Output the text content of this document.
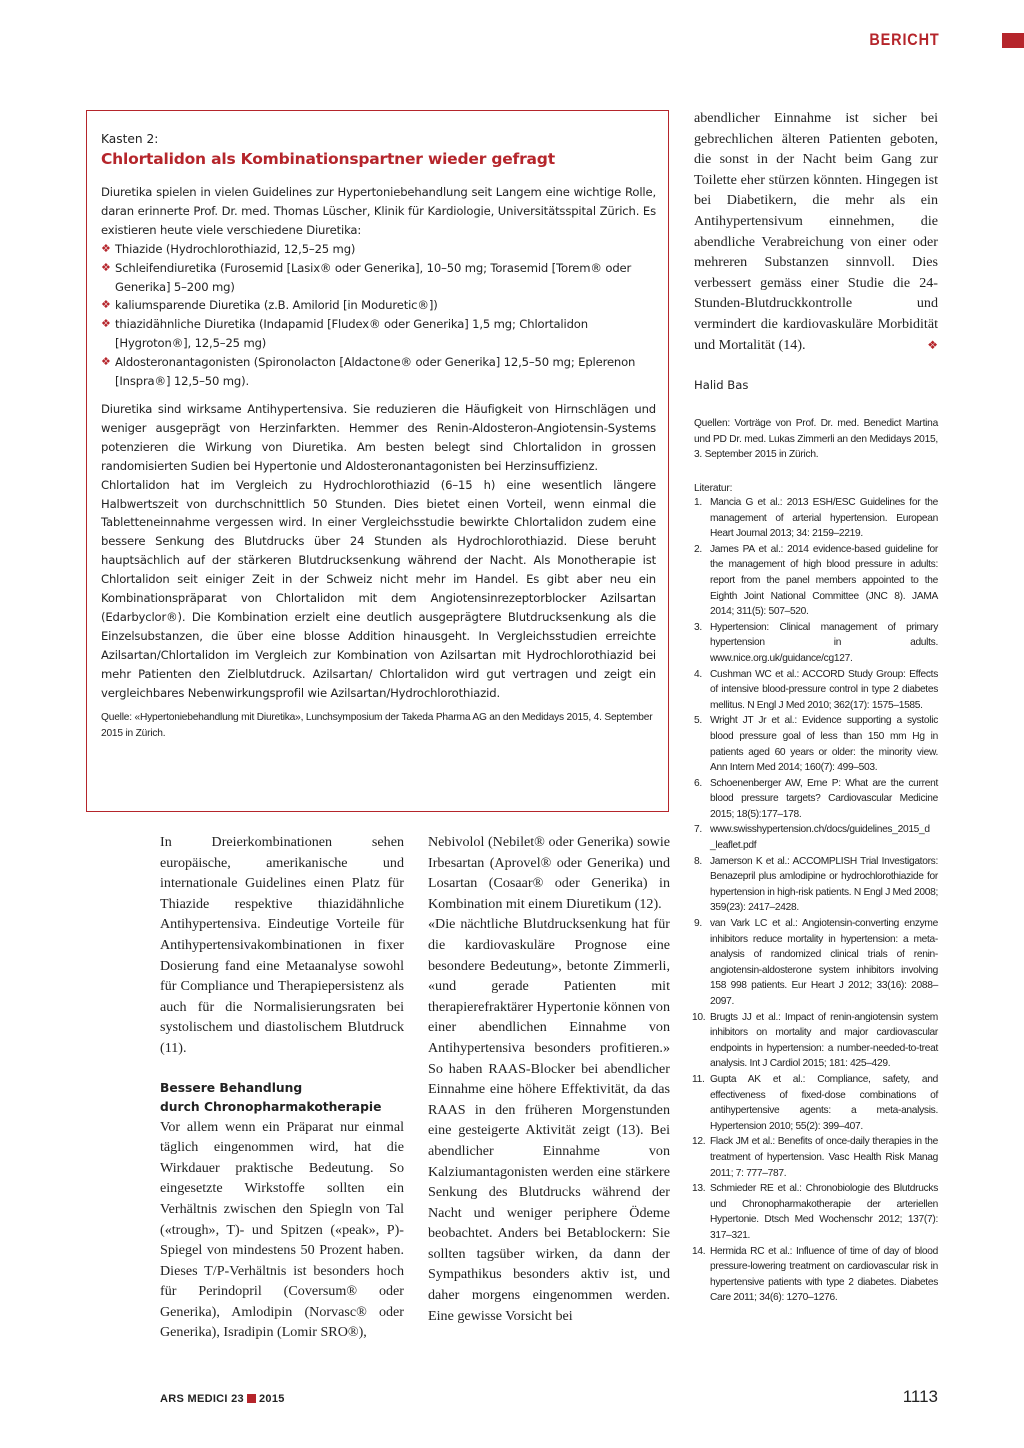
BERICHT

Kasten 2:

Chlortalidon als Kombinationspartner wieder gefragt

Diuretika spielen in vielen Guidelines zur Hypertoniebehandlung seit Langem eine wichtige Rolle, daran erinnerte Prof. Dr. med. Thomas Lüscher, Klinik für Kardiologie, Universitätsspital Zürich. Es existieren heute viele verschiedene Diuretika:

❖ Thiazide (Hydrochlorothiazid, 12,5–25 mg)
❖ Schleifendiuretika (Furosemid [Lasix® oder Generika], 10–50 mg; Torasemid [Torem® oder Generika] 5–200 mg)
❖ kaliumsparende Diuretika (z.B. Amilorid [in Moduretic®])
❖ thiazidähnliche Diuretika (Indapamid [Fludex® oder Generika] 1,5 mg; Chlortalidon [Hygroton®], 12,5–25 mg)
❖ Aldosteronantagonisten (Spironolacton [Aldactone® oder Generika] 12,5–50 mg; Eplerenon [Inspra®] 12,5–50 mg).

Diuretika sind wirksame Antihypertensiva. Sie reduzieren die Häufigkeit von Hirnschlägen und weniger ausgeprägt von Herzinfarkten. Hemmer des Renin-Aldosteron-Angiotensin-Systems potenzieren die Wirkung von Diuretika. Am besten belegt sind Chlortalidon in grossen randomisierten Sudien bei Hypertonie und Aldosteronantagonisten bei Herzinsuffizienz.

Chlortalidon hat im Vergleich zu Hydrochlorothiazid (6–15 h) eine wesentlich längere Halbwertszeit von durchschnittlich 50 Stunden. Dies bietet einen Vorteil, wenn einmal die Tabletteneinnahme vergessen wird. In einer Vergleichsstudie bewirkte Chlortalidon zudem eine bessere Senkung des Blutdrucks über 24 Stunden als Hydrochlorothiazid. Diese beruht hauptsächlich auf der stärkeren Blutdrucksenkung während der Nacht. Als Monotherapie ist Chlortalidon seit einiger Zeit in der Schweiz nicht mehr im Handel. Es gibt aber neu ein Kombinationspräparat von Chlortalidon mit dem Angiotensinrezeptorblocker Azilsartan (Edarbyclor®). Die Kombination erzielt eine deutlich ausgeprägtere Blutdrucksenkung als die Einzelsubstanzen, die über eine blosse Addition hinausgeht. In Vergleichsstudien erreichte Azilsartan/Chlortalidon im Vergleich zur Kombination von Azilsartan mit Hydrochlorothiazid bei mehr Patienten den Zielblutdruck. Azilsartan/ Chlortalidon wird gut vertragen und zeigt ein vergleichbares Nebenwirkungsprofil wie Azilsartan/Hydrochlorothiazid.

Quelle: «Hypertoniebehandlung mit Diuretika», Lunchsymposium der Takeda Pharma AG an den Medidays 2015, 4. September 2015 in Zürich.

In Dreierkombinationen sehen europäische, amerikanische und internationale Guidelines einen Platz für Thiazide respektive thiazidähnliche Antihypertensiva. Eindeutige Vorteile für Antihypertensivakombinationen in fixer Dosierung fand eine Metaanalyse sowohl für Compliance und Therapiepersistenz als auch für die Normalisierungsraten bei systolischem und diastolischem Blutdruck (11).

Bessere Behandlung
durch Chronopharmakotherapie

Vor allem wenn ein Präparat nur einmal täglich eingenommen wird, hat die Wirkdauer praktische Bedeutung. So eingesetzte Wirkstoffe sollten ein Verhältnis zwischen den Spiegln von Tal («trough», T)- und Spitzen («peak», P)-Spiegel von mindestens 50 Prozent haben. Dieses T/P-Verhältnis ist besonders hoch für Perindopril (Coversum® oder Generika), Amlodipin (Norvasc® oder Generika), Isradipin (Lomir SRO®),

Nebivolol (Nebilet® oder Generika) sowie Irbesartan (Aprovel® oder Generika) und Losartan (Cosaar® oder Generika) in Kombination mit einem Diuretikum (12).

«Die nächtliche Blutdrucksenkung hat für die kardiovaskuläre Prognose eine besondere Bedeutung», betonte Zimmerli, «und gerade Patienten mit therapierefraktärer Hypertonie können von einer abendlichen Einnahme von Antihypertensiva besonders profitieren.» So haben RAAS-Blocker bei abendlicher Einnahme eine höhere Effektivität, da das RAAS in den früheren Morgenstunden eine gesteigerte Aktivität zeigt (13). Bei abendlicher Einnahme von Kalziumantagonisten werden eine stärkere Senkung des Blutdrucks während der Nacht und weniger periphere Ödeme beobachtet. Anders bei Betablockern: Sie sollten tagsüber wirken, da dann der Sympathikus besonders aktiv ist, und daher morgens eingenommen werden. Eine gewisse Vorsicht bei

abendlicher Einnahme ist sicher bei gebrechlichen älteren Patienten geboten, die sonst in der Nacht beim Gang zur Toilette eher stürzen könnten. Hingegen ist bei Diabetikern, die mehr als ein Antihypertensivum einnehmen, die abendliche Verabreichung von einer oder mehreren Substanzen sinnvoll. Dies verbessert gemäss einer Studie die 24-Stunden-Blutdruckkontrolle und vermindert die kardiovaskuläre Morbidität und Mortalität (14).	❖

Halid Bas
Quellen: Vorträge von Prof. Dr. med. Benedict Martina und PD Dr. med. Lukas Zimmerli an den Medidays 2015, 3. September 2015 in Zürich.
Literatur:
1. Mancia G et al.: 2013 ESH/ESC Guidelines for the management of arterial hypertension. European Heart Journal 2013; 34: 2159–2219.
2. James PA et al.: 2014 evidence-based guideline for the management of high blood pressure in adults: report from the panel members appointed to the Eighth Joint National Committee (JNC 8). JAMA 2014; 311(5): 507–520.
3. Hypertension: Clinical management of primary hypertension in adults. www.nice.org.uk/guidance/cg127.
4. Cushman WC et al.: ACCORD Study Group: Effects of intensive blood-pressure control in type 2 diabetes mellitus. N Engl J Med 2010; 362(17): 1575–1585.
5. Wright JT Jr et al.: Evidence supporting a systolic blood pressure goal of less than 150 mm Hg in patients aged 60 years or older: the minority view. Ann Intern Med 2014; 160(7): 499–503.
6. Schoenenberger AW, Erne P: What are the current blood pressure targets? Cardiovascular Medicine 2015; 18(5):177–178.
7. www.swisshypertension.ch/docs/guidelines_2015_d _leaflet.pdf
8. Jamerson K et al.: ACCOMPLISH Trial Investigators: Benazepril plus amlodipine or hydrochlorothiazide for hypertension in high-risk patients. N Engl J Med 2008; 359(23): 2417–2428.
9. van Vark LC et al.: Angiotensin-converting enzyme inhibitors reduce mortality in hypertension: a meta-analysis of randomized clinical trials of renin-angiotensin-aldosterone system inhibitors involving 158 998 patients. Eur Heart J 2012; 33(16): 2088–2097.
10. Brugts JJ et al.: Impact of renin-angiotensin system inhibitors on mortality and major cardiovascular endpoints in hypertension: a number-needed-to-treat analysis. Int J Cardiol 2015; 181: 425–429.
11. Gupta AK et al.: Compliance, safety, and effectiveness of fixed-dose combinations of antihypertensive agents: a meta-analysis. Hypertension 2010; 55(2): 399–407.
12. Flack JM et al.: Benefits of once-daily therapies in the treatment of hypertension. Vasc Health Risk Manag 2011; 7: 777–787.
13. Schmieder RE et al.: Chronobiologie des Blutdrucks und Chronopharmakotherapie der arteriellen Hypertonie. Dtsch Med Wochenschr 2012; 137(7): 317–321.
14. Hermida RC et al.: Influence of time of day of blood pressure-lowering treatment on cardiovascular risk in hypertensive patients with type 2 diabetes. Diabetes Care 2011; 34(6): 1270–1276.
ARS MEDICI 23 2015	1113
